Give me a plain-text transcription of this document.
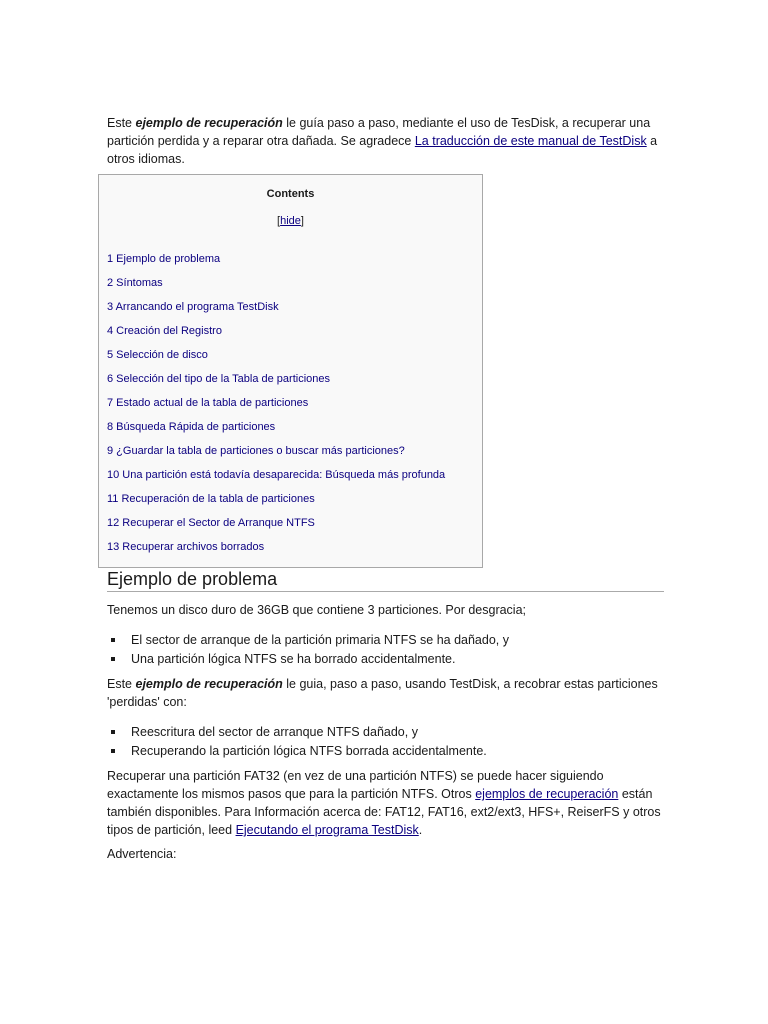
Este ejemplo de recuperación le guía paso a paso, mediante el uso de TesDisk, a recuperar una partición perdida y a reparar otra dañada. Se agradece La traducción de este manual de TestDisk a otros idiomas.

Contents
[hide]
1 Ejemplo de problema
2 Síntomas
3 Arrancando el programa TestDisk
4 Creación del Registro
5 Selección de disco
6 Selección del tipo de la Tabla de particiones
7 Estado actual de la tabla de particiones
8 Búsqueda Rápida de particiones
9 ¿Guardar la tabla de particiones o buscar más particiones?
10 Una partición está todavía desaparecida: Búsqueda más profunda
11 Recuperación de la tabla de particiones
12 Recuperar el Sector de Arranque NTFS
13 Recuperar archivos borrados
Ejemplo de problema

Tenemos un disco duro de 36GB que contiene 3 particiones. Por desgracia;

El sector de arranque de la partición primaria NTFS se ha dañado, y
Una partición lógica NTFS se ha borrado accidentalmente.

Este ejemplo de recuperación le guia, paso a paso, usando TestDisk, a recobrar estas particiones 'perdidas' con:

Reescritura del sector de arranque NTFS dañado, y
Recuperando la partición lógica NTFS borrada accidentalmente.

Recuperar una partición FAT32 (en vez de una partición NTFS) se puede hacer siguiendo exactamente los mismos pasos que para la partición NTFS. Otros ejemplos de recuperación están también disponibles. Para Información acerca de: FAT12, FAT16, ext2/ext3, HFS+, ReiserFS y otros tipos de partición, leed Ejecutando el programa TestDisk.

Advertencia:
